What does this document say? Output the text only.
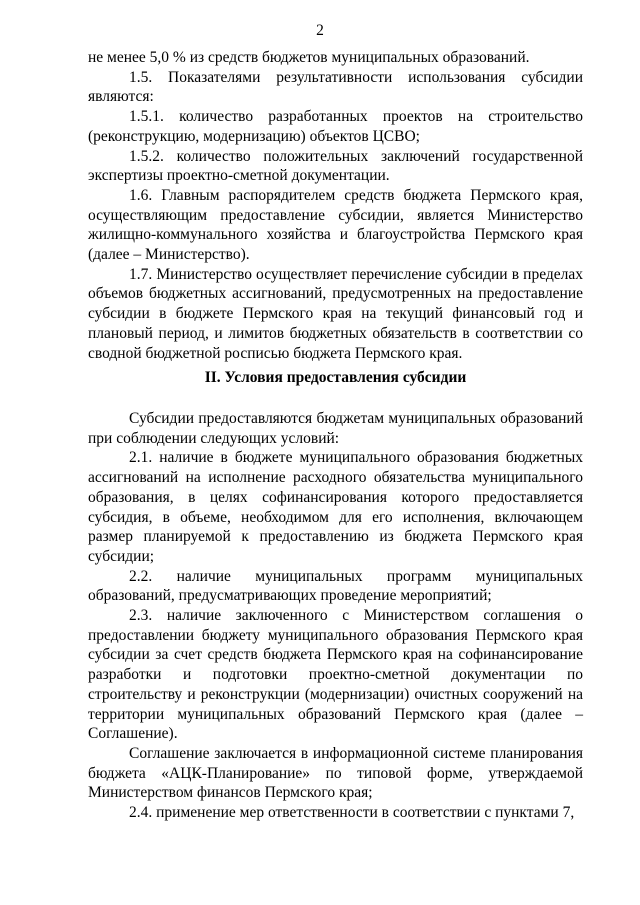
2

не менее 5,0 % из средств бюджетов муниципальных образований.

1.5. Показателями результативности использования субсидии являются:

1.5.1. количество разработанных проектов на строительство (реконструкцию, модернизацию) объектов ЦСВО;

1.5.2. количество положительных заключений государственной экспертизы проектно-сметной документации.

1.6. Главным распорядителем средств бюджета Пермского края, осуществляющим предоставление субсидии, является Министерство жилищно-коммунального хозяйства и благоустройства Пермского края (далее – Министерство).

1.7. Министерство осуществляет перечисление субсидии в пределах объемов бюджетных ассигнований, предусмотренных на предоставление субсидии в бюджете Пермского края на текущий финансовый год и плановый период, и лимитов бюджетных обязательств в соответствии со сводной бюджетной росписью бюджета Пермского края.

II. Условия предоставления субсидии

Субсидии предоставляются бюджетам муниципальных образований при соблюдении следующих условий:

2.1. наличие в бюджете муниципального образования бюджетных ассигнований на исполнение расходного обязательства муниципального образования, в целях софинансирования которого предоставляется субсидия, в объеме, необходимом для его исполнения, включающем размер планируемой к предоставлению из бюджета Пермского края субсидии;

2.2. наличие муниципальных программ муниципальных образований, предусматривающих проведение мероприятий;

2.3. наличие заключенного с Министерством соглашения о предоставлении бюджету муниципального образования Пермского края субсидии за счет средств бюджета Пермского края на софинансирование разработки и подготовки проектно-сметной документации по строительству и реконструкции (модернизации) очистных сооружений на территории муниципальных образований Пермского края (далее – Соглашение).

Соглашение заключается в информационной системе планирования бюджета «АЦК-Планирование» по типовой форме, утверждаемой Министерством финансов Пермского края;

2.4. применение мер ответственности в соответствии с пунктами 7,
